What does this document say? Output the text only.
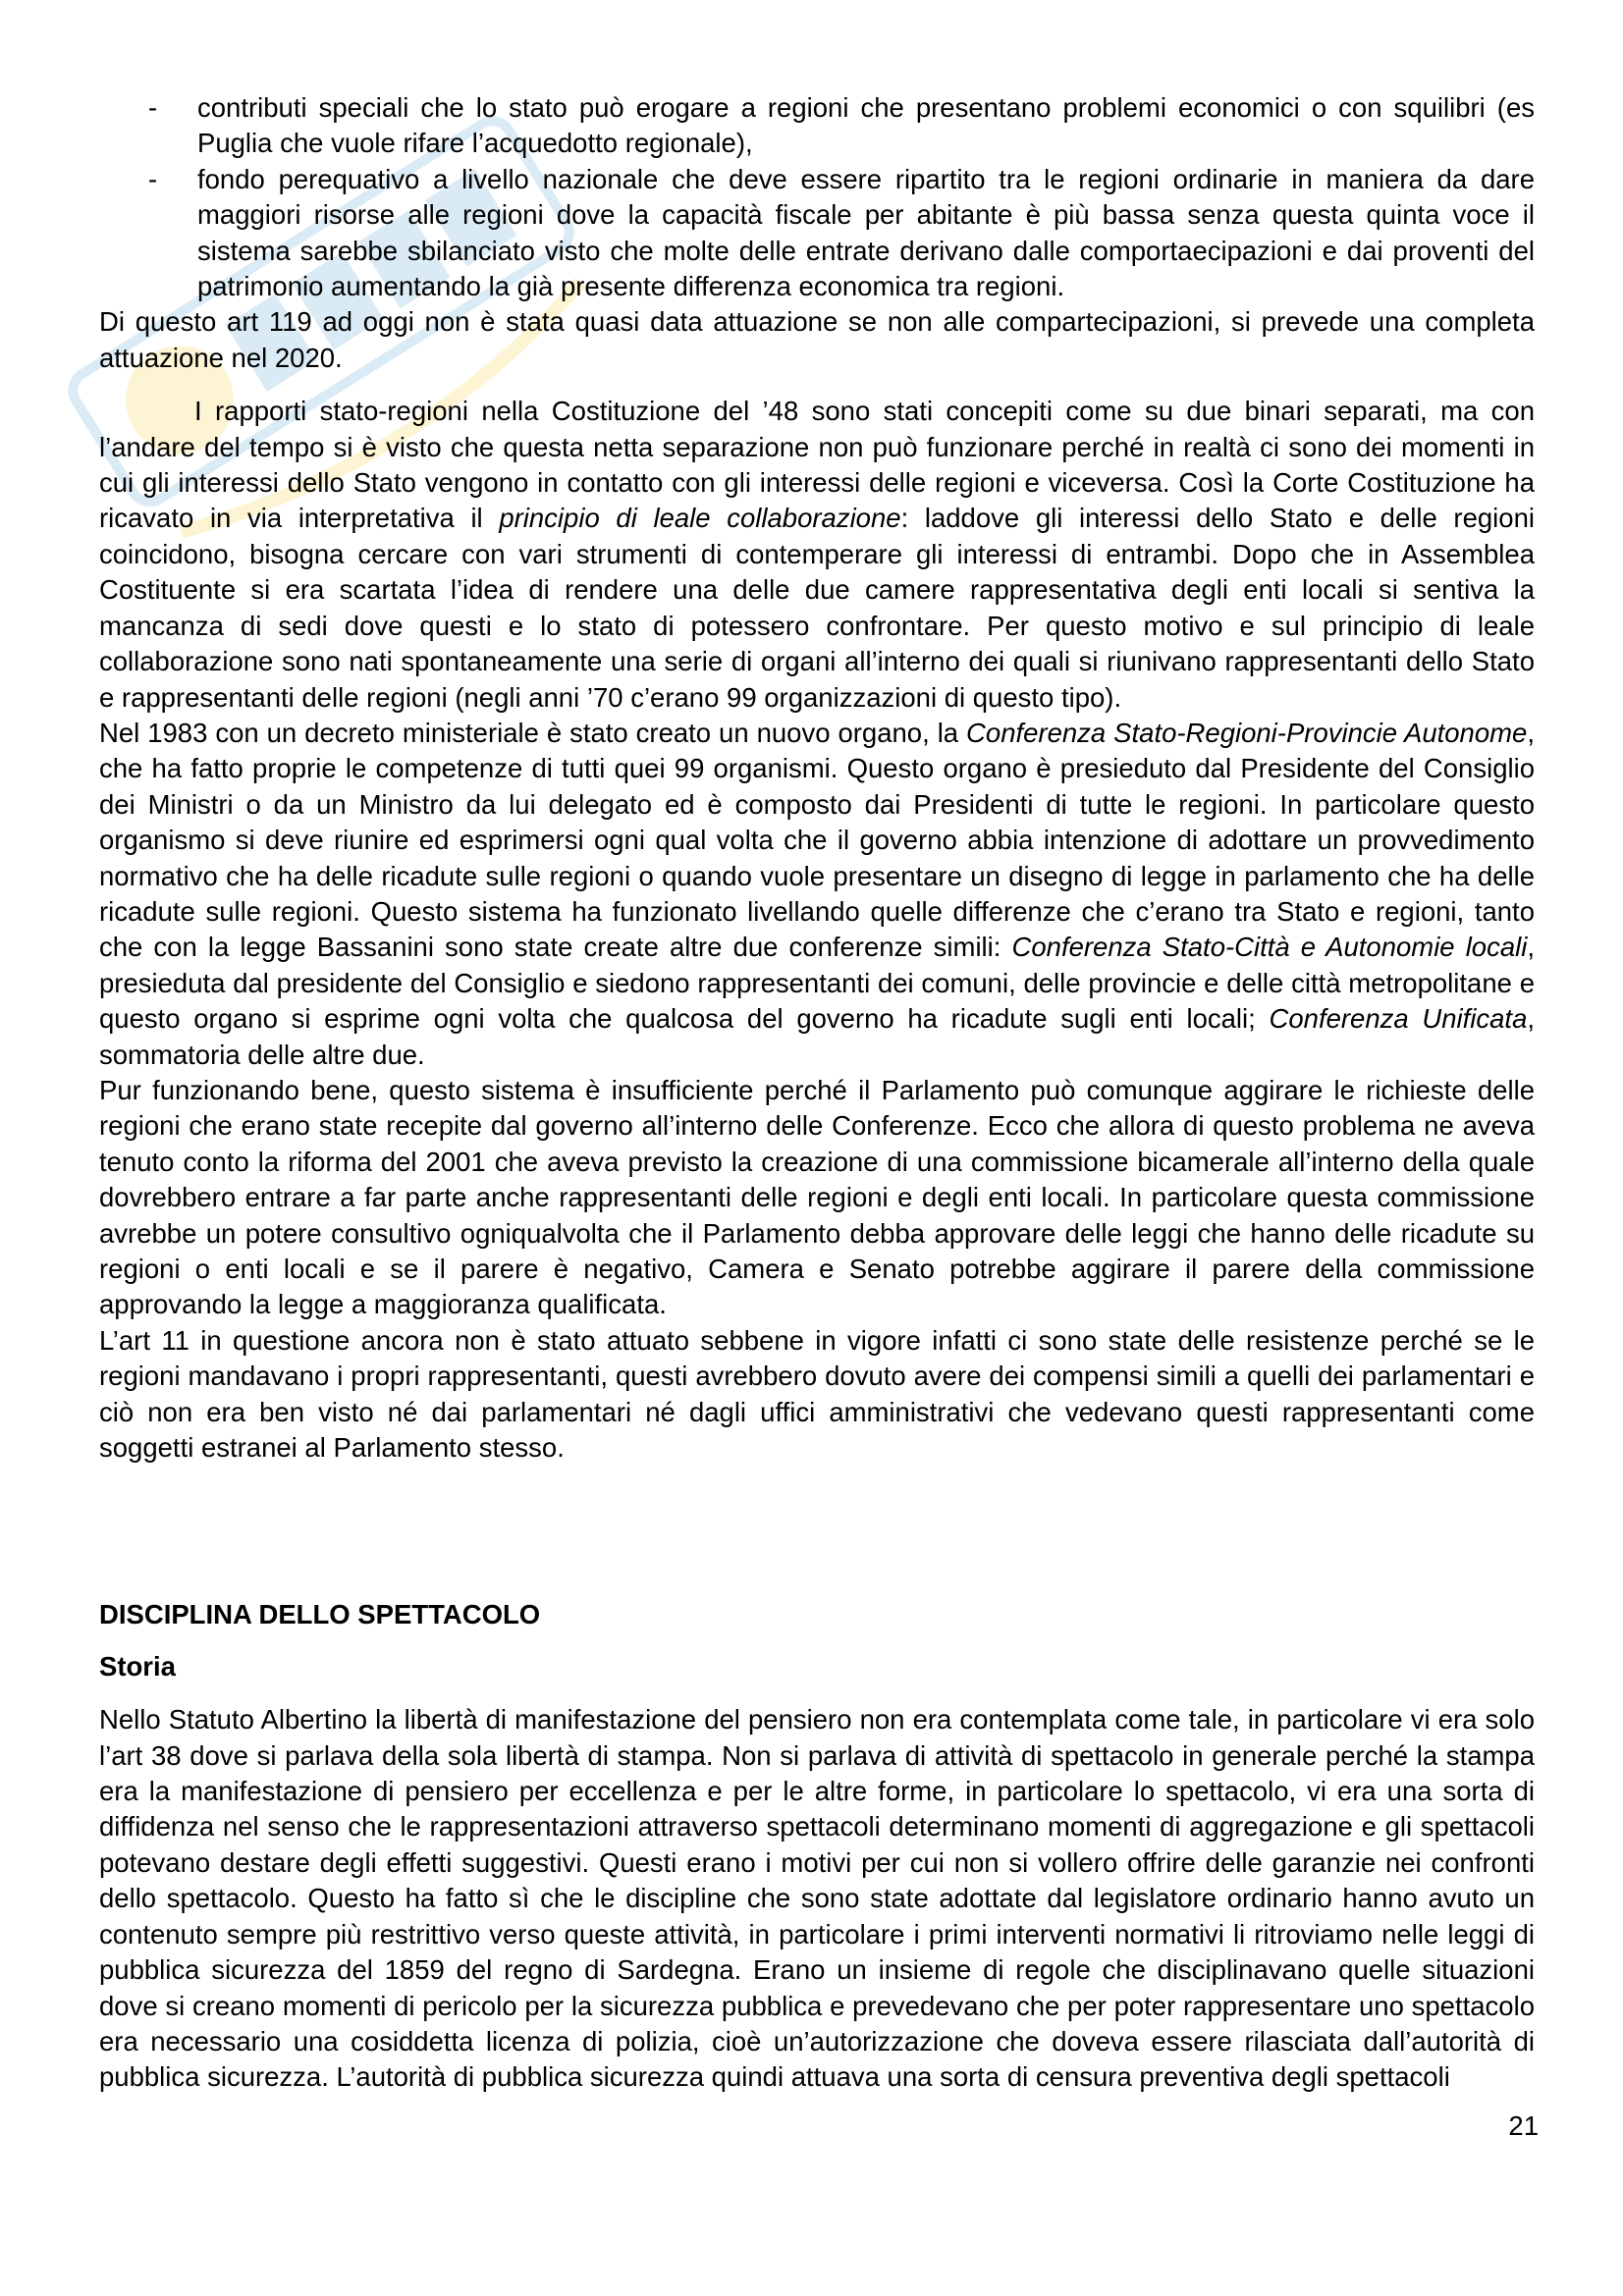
- contributi speciali che lo stato può erogare a regioni che presentano problemi economici o con squilibri (es Puglia che vuole rifare l’acquedotto regionale),
- fondo perequativo a livello nazionale che deve essere ripartito tra le regioni ordinarie in maniera da dare maggiori risorse alle regioni dove la capacità fiscale per abitante è più bassa senza questa quinta voce il sistema sarebbe sbilanciato visto che molte delle entrate derivano dalle comportaecipazioni e dai proventi del patrimonio aumentando la già presente differenza economica tra regioni.

Di questo art 119 ad oggi non è stata quasi data attuazione se non alle compartecipazioni, si prevede una completa attuazione nel 2020.

I rapporti stato-regioni nella Costituzione del ’48 sono stati concepiti come su due binari separati, ma con l’andare del tempo si è visto che questa netta separazione non può funzionare perché in realtà ci sono dei momenti in cui gli interessi dello Stato vengono in contatto con gli interessi delle regioni e viceversa. Così la Corte Costituzione ha ricavato in via interpretativa il principio di leale collaborazione: laddove gli interessi dello Stato e delle regioni coincidono, bisogna cercare con vari strumenti di contemperare gli interessi di entrambi. Dopo che in Assemblea Costituente si era scartata l’idea di rendere una delle due camere rappresentativa degli enti locali si sentiva la mancanza di sedi dove questi e lo stato di potessero confrontare. Per questo motivo e sul principio di leale collaborazione sono nati spontaneamente una serie di organi all’interno dei quali si riunivano rappresentanti dello Stato e rappresentanti delle regioni (negli anni ’70 c’erano 99 organizzazioni di questo tipo).

Nel 1983 con un decreto ministeriale è stato creato un nuovo organo, la Conferenza Stato-Regioni-Provincie Autonome, che ha fatto proprie le competenze di tutti quei 99 organismi. Questo organo è presieduto dal Presidente del Consiglio dei Ministri o da un Ministro da lui delegato ed è composto dai Presidenti di tutte le regioni. In particolare questo organismo si deve riunire ed esprimersi ogni qual volta che il governo abbia intenzione di adottare un provvedimento normativo che ha delle ricadute sulle regioni o quando vuole presentare un disegno di legge in parlamento che ha delle ricadute sulle regioni. Questo sistema ha funzionato livellando quelle differenze che c’erano tra Stato e regioni, tanto che con la legge Bassanini sono state create altre due conferenze simili: Conferenza Stato-Città e Autonomie locali, presieduta dal presidente del Consiglio e siedono rappresentanti dei comuni, delle provincie e delle città metropolitane e questo organo si esprime ogni volta che qualcosa del governo ha ricadute sugli enti locali; Conferenza Unificata, sommatoria delle altre due.

Pur funzionando bene, questo sistema è insufficiente perché il Parlamento può comunque aggirare le richieste delle regioni che erano state recepite dal governo all’interno delle Conferenze. Ecco che allora di questo problema ne aveva tenuto conto la riforma del 2001 che aveva previsto la creazione di una commissione bicamerale all’interno della quale dovrebbero entrare a far parte anche rappresentanti delle regioni e degli enti locali. In particolare questa commissione avrebbe un potere consultivo ogniqualvolta che il Parlamento debba approvare delle leggi che hanno delle ricadute su regioni o enti locali e se il parere è negativo, Camera e Senato potrebbe aggirare il parere della commissione approvando la legge a maggioranza qualificata.

L’art 11 in questione ancora non è stato attuato sebbene in vigore infatti ci sono state delle resistenze perché se le regioni mandavano i propri rappresentanti, questi avrebbero dovuto avere dei compensi simili a quelli dei parlamentari e ciò non era ben visto né dai parlamentari né dagli uffici amministrativi che vedevano questi rappresentanti come soggetti estranei al Parlamento stesso.

DISCIPLINA DELLO SPETTACOLO

Storia

Nello Statuto Albertino la libertà di manifestazione del pensiero non era contemplata come tale, in particolare vi era solo l’art 38 dove si parlava della sola libertà di stampa. Non si parlava di attività di spettacolo in generale perché la stampa era la manifestazione di pensiero per eccellenza e per le altre forme, in particolare lo spettacolo, vi era una sorta di diffidenza nel senso che le rappresentazioni attraverso spettacoli determinano momenti di aggregazione e gli spettacoli potevano destare degli effetti suggestivi. Questi erano i motivi per cui non si vollero offrire delle garanzie nei confronti dello spettacolo. Questo ha fatto sì che le discipline che sono state adottate dal legislatore ordinario hanno avuto un contenuto sempre più restrittivo verso queste attività, in particolare i primi interventi normativi li ritroviamo nelle leggi di pubblica sicurezza del 1859 del regno di Sardegna. Erano un insieme di regole che disciplinavano quelle situazioni dove si creano momenti di pericolo per la sicurezza pubblica e prevedevano che per poter rappresentare uno spettacolo era necessario una cosiddetta licenza di polizia, cioè un’autorizzazione che doveva essere rilasciata dall’autorità di pubblica sicurezza. L’autorità di pubblica sicurezza quindi attuava una sorta di censura preventiva degli spettacoli

21
